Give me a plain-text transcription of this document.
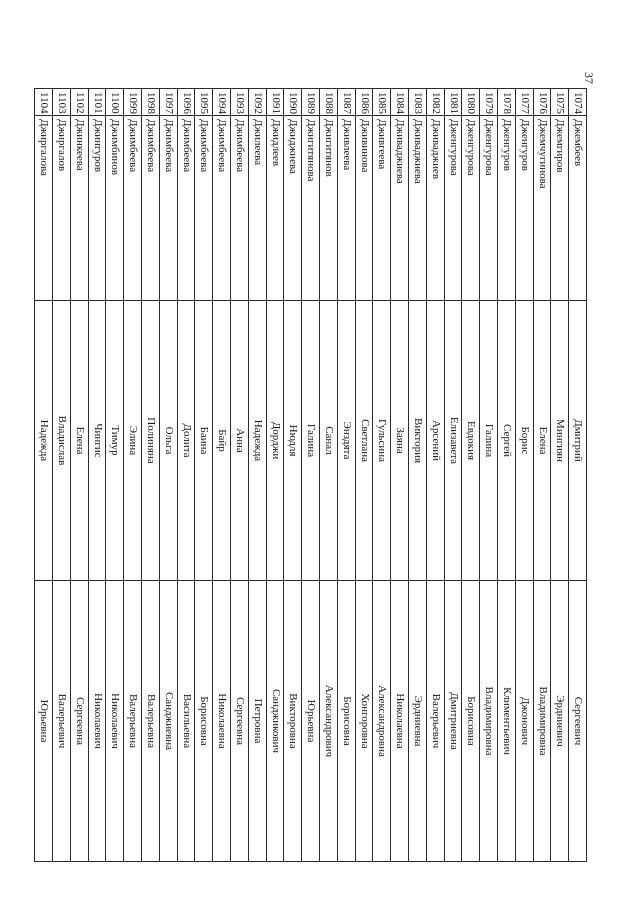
37
1074	Джембеев	Дмитрий	Сергеевич
1075	Джемгиров	Мингиян	Эрдниевич
1076	Джемчугинова	Елена	Владимировна
1077	Дженгуров	Борис	Джонович
1078	Дженгуров	Сергей	Климентьевич
1079	Дженгурова	Галина	Владимировна
1080	Дженгурова	Евдокия	Борисовна
1081	Дженгурова	Елизавета	Дмитриевна
1082	Дживаджиев	Арсений	Валерьевич
1083	Дживаджиева	Виктория	Эрдниевна
1084	Дживаджиева	Заяна	Николаевна
1085	Дживгеева	Гульсина	Александровна
1086	Дживинова	Светлана	Хонгоровна
1087	Дживлеева	Энздята	Борисовна
1088	Джигитянов	Санал	Александрович
1089	Джигитянова	Галина	Юрьевна
1090	Джиджиева	Нюдля	Викторовна
1091	Джидлеев	Дорджи	Санджикович
1092	Джилеева	Надежда	Петровна
1093	Джимбеева	Анна	Сергеевна
1094	Джимбеева	Байр	Николаевна
1095	Джимбеева	Баина	Борисовна
1096	Джимбеева	Долита	Васильевна
1097	Джимбеева	Ольга	Санджиевна
1098	Джимбеева	Полиняна	Валерьевна
1099	Джимбеева	Элина	Валерьевна
1100	Джимбинов	Тимур	Николаевич
1101	Джингуров	Чингис	Николаевич
1102	Джинкеева	Елена	Сергеевна
1103	Джиргалов	Владислав	Валерьевич
1104	Джиргалова	Надежда	Юрьевна
